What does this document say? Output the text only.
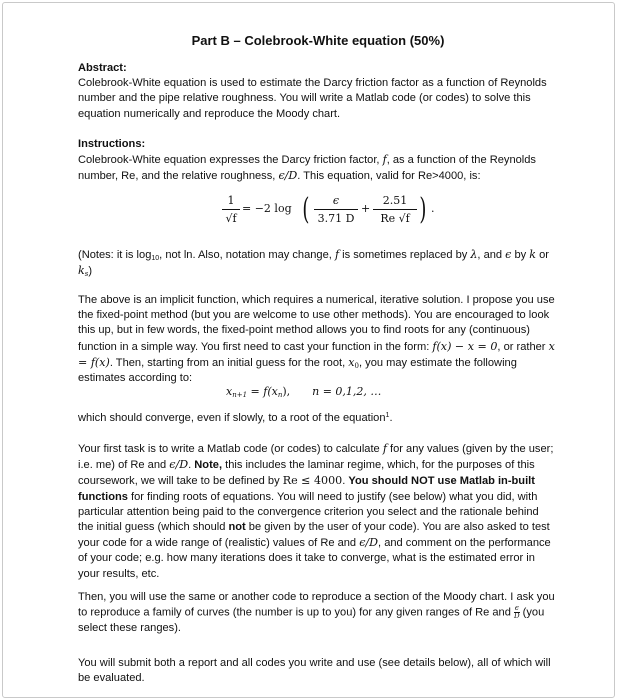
Part B – Colebrook-White equation (50%)
Abstract:

Colebrook-White equation is used to estimate the Darcy friction factor as a function of Reynolds number and the pipe relative roughness. You will write a Matlab code (or codes) to solve this equation numerically and reproduce the Moody chart.

Instructions:

Colebrook-White equation expresses the Darcy friction factor, f, as a function of the Reynolds number, Re, and the relative roughness, ϵ/D. This equation, valid for Re>4000, is:

$\frac{1}{√f} = -2$ log ( $\frac{\epsilon}{3.71 D} + \frac{2.51}{Re √f}$ ) .

(Notes: it is $\log_{10}$, not ln. Also, notation may change, f is sometimes replaced by λ, and ϵ by k or $k_s$)

The above is an implicit function, which requires a numerical, iterative solution. I propose you use the fixed-point method (but you are welcome to use other methods). You are encouraged to look this up, but in few words, the fixed-point method allows you to find roots for any (continuous) function in a simple way. You first need to cast your function in the form: f(x) − x = 0, or rather x = f(x). Then, starting from an initial guess for the root, $x_0$, you may estimate the following estimates according to:

$x_{n+1} = f(x_n)$, n = 0,1,2, …

which should converge, even if slowly, to a root of the equation$^1$.

Your first task is to write a Matlab code (or codes) to calculate f for any values (given by the user; i.e. me) of Re and ϵ/D. Note, this includes the laminar regime, which, for the purposes of this coursework, we will take to be defined by Re ≤ 4000. You should NOT use Matlab in-built functions for finding roots of equations. You will need to justify (see below) what you did, with particular attention being paid to the convergence criterion you select and the rationale behind the initial guess (which should not be given by the user of your code). You are also asked to test your code for a wide range of (realistic) values of Re and ϵ/D, and comment on the performance of your code; e.g. how many iterations does it take to converge, what is the estimated error in your results, etc.

Then, you will use the same or another code to reproduce a section of the Moody chart. I ask you to reproduce a family of curves (the number is up to you) for any given ranges of Re and $\frac{\epsilon}{D} (you$ select these ranges).

You will submit both a report and all codes you write and use (see details below), all of which will be evaluated.
